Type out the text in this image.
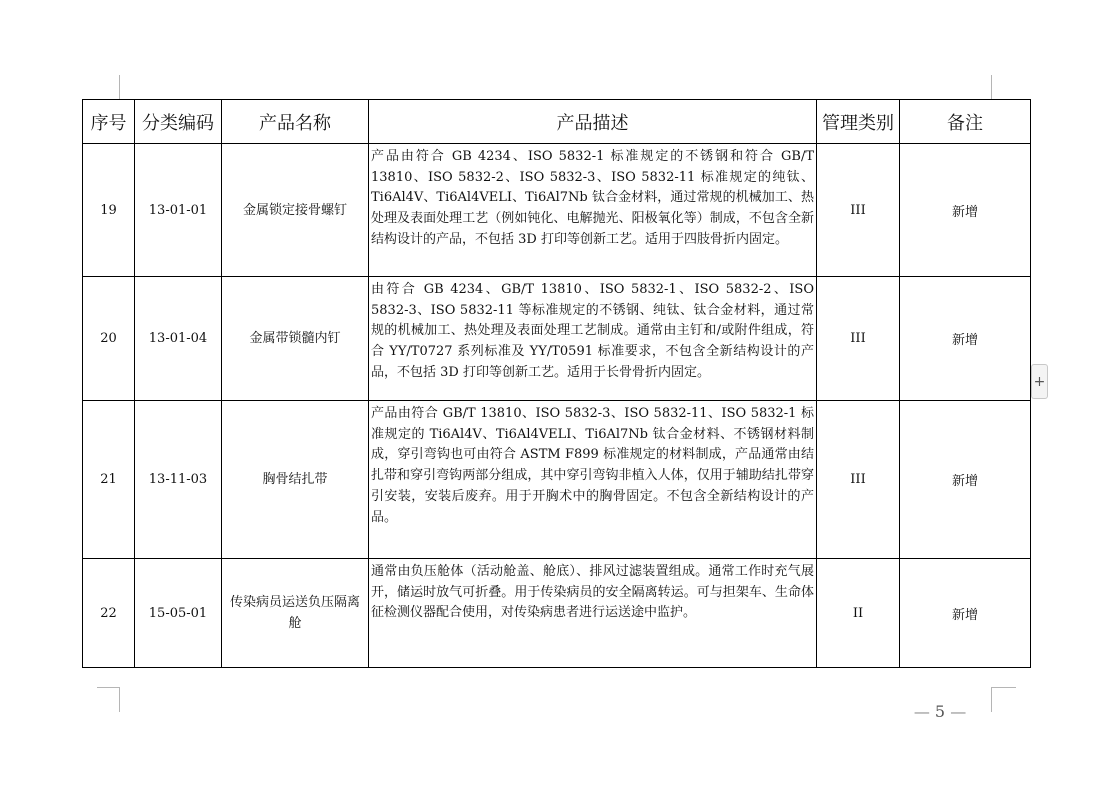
序号	分类编码	产品名称	产品描述	管理类别	备注
19	13-01-01	金属锁定接骨螺钉	产品由符合 GB 4234、ISO 5832-1 标准规定的不锈钢和符合 GB/T 13810、ISO 5832-2、ISO 5832-3、ISO 5832-11 标准规定的纯钛、Ti6Al4V、Ti6Al4VELI、Ti6Al7Nb 钛合金材料，通过常规的机械加工、热处理及表面处理工艺（例如钝化、电解抛光、阳极氧化等）制成，不包含全新结构设计的产品，不包括 3D 打印等创新工艺。适用于四肢骨折内固定。	III	新增
20	13-01-04	金属带锁髓内钉	由符合 GB 4234、GB/T 13810、ISO 5832-1、ISO 5832-2、ISO 5832-3、ISO 5832-11 等标准规定的不锈钢、纯钛、钛合金材料，通过常规的机械加工、热处理及表面处理工艺制成。通常由主钉和/或附件组成，符合 YY/T0727 系列标准及 YY/T0591 标准要求，不包含全新结构设计的产品，不包括 3D 打印等创新工艺。适用于长骨骨折内固定。	III	新增
21	13-11-03	胸骨结扎带	产品由符合 GB/T 13810、ISO 5832-3、ISO 5832-11、ISO 5832-1 标准规定的 Ti6Al4V、Ti6Al4VELI、Ti6Al7Nb 钛合金材料、不锈钢材料制成，穿引弯钩也可由符合 ASTM F899 标准规定的材料制成，产品通常由结扎带和穿引弯钩两部分组成，其中穿引弯钩非植入人体，仅用于辅助结扎带穿引安装，安装后废弃。用于开胸术中的胸骨固定。不包含全新结构设计的产品。	III	新增
22	15-05-01	传染病员运送负压隔离舱	通常由负压舱体（活动舱盖、舱底）、排风过滤装置组成。通常工作时充气展开，储运时放气可折叠。用于传染病员的安全隔离转运。可与担架车、生命体征检测仪器配合使用，对传染病患者进行运送途中监护。	II	新增
+
— 5 —
